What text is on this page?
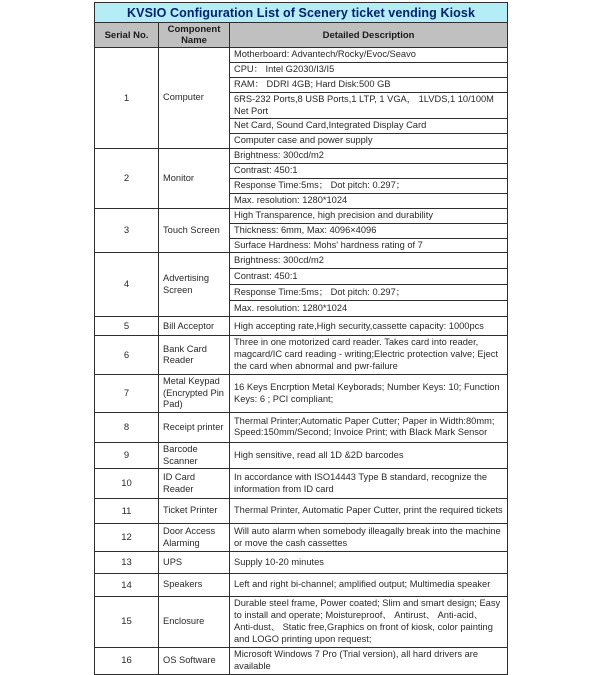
KVSIO Configuration List of Scenery ticket vending Kiosk		
Serial No.	Component Name	Detailed Description
1	Computer	Motherboard: Advantech/Rocky/Evoc/Seavo
		CPU： Intel G2030/I3/I5
		RAM： DDRI 4GB; Hard Disk:500 GB
		6RS-232 Ports,8 USB Ports,1 LTP, 1 VGA， 1LVDS,1 10/100M Net Port
		Net Card, Sound Card,Integrated Display Card
		Computer case and power supply
2	Monitor	Brightness: 300cd/m2
		Contrast: 450:1
		Response Time:5ms； Dot pitch: 0.297；
		Max. resolution: 1280*1024
3	Touch Screen	High Transparence, high precision and durability
		Thickness: 6mm, Max: 4096×4096
		Surface Hardness: Mohs' hardness rating of 7
4	Advertising Screen	Brightness: 300cd/m2
		Contrast: 450:1
		Response Time:5ms； Dot pitch: 0.297；
		Max. resolution: 1280*1024
5	Bill Acceptor	High accepting rate,High security,cassette capacity: 1000pcs
6	Bank Card Reader	Three in one motorized card reader. Takes card into reader, magcard/IC card reading - writing;Electric protection valve; Eject the card when abnormal and pwr-failure
7	Metal Keypad (Encrypted Pin Pad)	16 Keys Encrption Metal Keyborads; Number Keys: 10; Function Keys: 6 ; PCI compliant;
8	Receipt printer	Thermal Printer;Automatic Paper Cutter; Paper in Width:80mm; Speed:150mm/Second; Invoice Print; with Black Mark Sensor
9	Barcode Scanner	High sensitive, read all 1D &2D barcodes
10	ID Card Reader	In accordance with ISO14443 Type B standard, recognize the information from ID card
11	Ticket Printer	Thermal Printer, Automatic Paper Cutter, print the required tickets
12	Door Access Alarming	Will auto alarm when somebody illeagally break into the machine or move the cash cassettes
13	UPS	Supply 10-20 minutes
14	Speakers	Left and right bi-channel; amplified output; Multimedia speaker
15	Enclosure	Durable steel frame, Power coated; Slim and smart design; Easy to install and operate; Moistureproof、 Antirust、 Anti-acid、 Anti-dust、 Static free,Graphics on front of kiosk, color painting and LOGO printing upon request;
16	OS Software	Microsoft Windows 7 Pro (Trial version), all hard drivers are available
